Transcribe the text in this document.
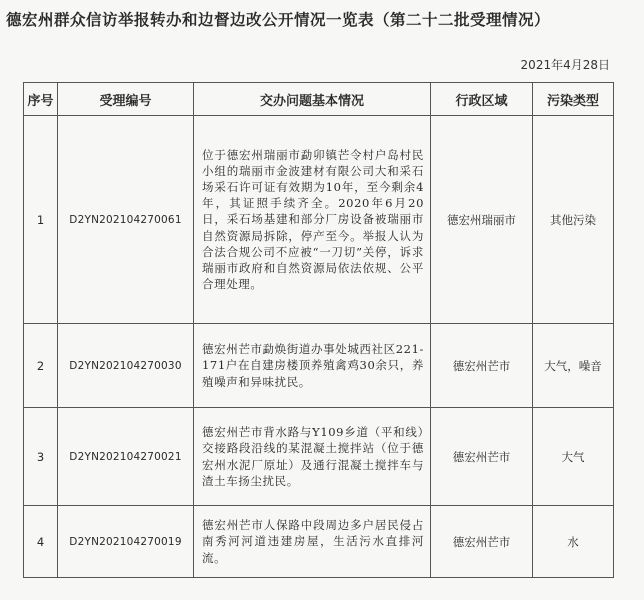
德宏州群众信访举报转办和边督边改公开情况一览表（第二十二批受理情况）
2021年4月28日
序号	受理编号	交办问题基本情况	行政区域	污染类型
1	D2YN202104270061	位于德宏州瑞丽市勐卯镇芒令村户岛村民小组的瑞丽市金波建材有限公司大和采石场采石许可证有效期为10年，至今剩余4年，其证照手续齐全。2020年6月20日，采石场基建和部分厂房设备被瑞丽市自然资源局拆除，停产至今。举报人认为合法合规公司不应被“一刀切”关停，诉求瑞丽市政府和自然资源局依法依规、公平合理处理。	德宏州瑞丽市	其他污染
2	D2YN202104270030	德宏州芒市勐焕街道办事处城西社区221-171户在自建房楼顶养殖禽鸡30余只，养殖噪声和异味扰民。	德宏州芒市	大气，噪音
3	D2YN202104270021	德宏州芒市背水路与Y109乡道（平和线）交接路段沿线的某混凝土搅拌站（位于德宏州水泥厂原址）及通行混凝土搅拌车与渣土车扬尘扰民。	德宏州芒市	大气
4	D2YN202104270019	德宏州芒市人保路中段周边多户居民侵占南秀河河道违建房屋，生活污水直排河流。	德宏州芒市	水
